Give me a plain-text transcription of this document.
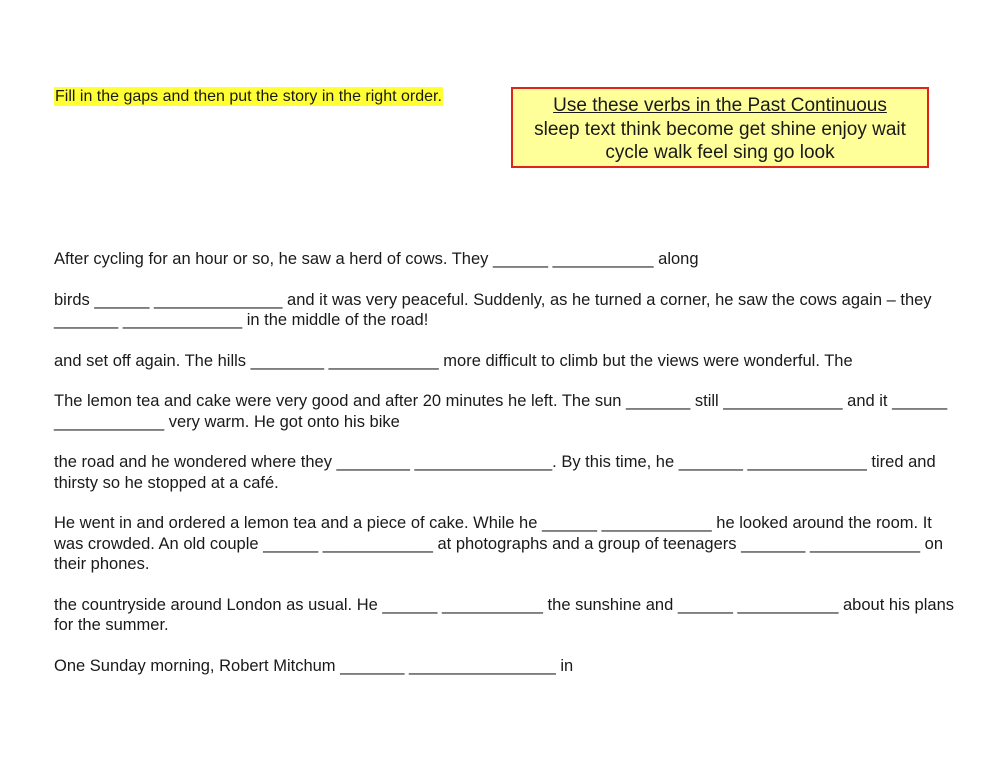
Fill in the gaps and then put the story in the right order.	Use these verbs in the Past Continuous
sleep text think become get shine enjoy wait
cycle walk feel sing go look

After cycling for an hour or so, he saw a herd of cows. They ______ ___________ along

birds ______ ______________ and it was very peaceful. Suddenly, as he turned a corner, he saw the cows again – they _______ _____________ in the middle of the road!

and set off again. The hills ________ ____________ more difficult to climb but the views were wonderful. The

The lemon tea and cake were very good and after 20 minutes he left. The sun _______ still _____________ and it ______ ____________ very warm. He got onto his bike

the road and he wondered where they ________ _______________. By this time, he _______ _____________ tired and thirsty so he stopped at a café.

He went in and ordered a lemon tea and a piece of cake. While he ______ ____________ he looked around the room. It was crowded. An old couple ______ ____________ at photographs and a group of teenagers _______ ____________ on their phones.

the countryside around London as usual. He ______ ___________ the sunshine and ______ ___________ about his plans for the summer.

One Sunday morning, Robert Mitchum _______ ________________ in
